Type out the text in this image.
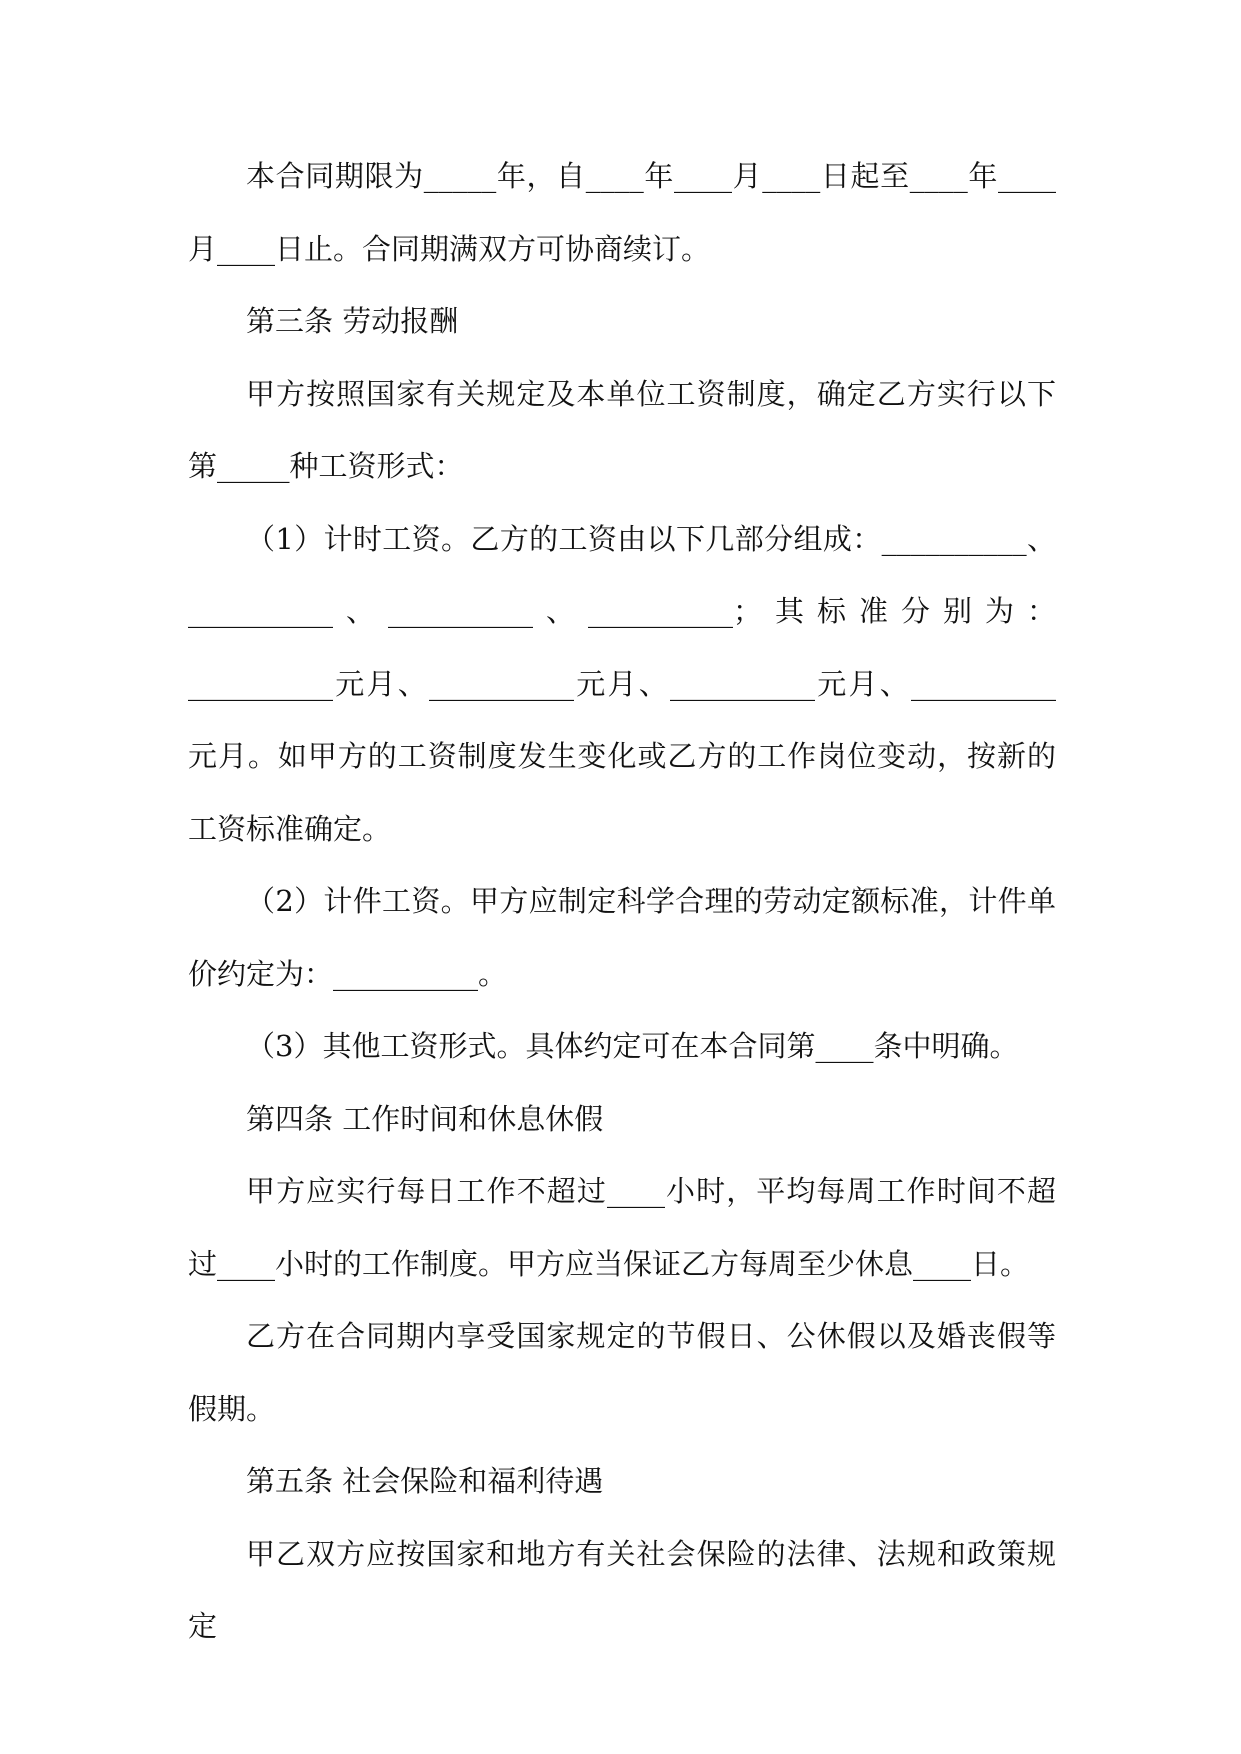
本合同期限为_____年，自____年____月____日起至____年____月____日止。合同期满双方可协商续订。

第三条 劳动报酬

甲方按照国家有关规定及本单位工资制度，确定乙方实行以下第_____种工资形式：

（1）计时工资。乙方的工资由以下几部分组成：__________、__________、__________、__________；其标准分别为：__________元月、__________元月、__________元月、__________元月。如甲方的工资制度发生变化或乙方的工作岗位变动，按新的工资标准确定。

（2）计件工资。甲方应制定科学合理的劳动定额标准，计件单价约定为：__________。

（3）其他工资形式。具体约定可在本合同第____条中明确。

第四条 工作时间和休息休假

甲方应实行每日工作不超过____小时，平均每周工作时间不超过____小时的工作制度。甲方应当保证乙方每周至少休息____日。

乙方在合同期内享受国家规定的节假日、公休假以及婚丧假等假期。

第五条 社会保险和福利待遇

甲乙双方应按国家和地方有关社会保险的法律、法规和政策规定
